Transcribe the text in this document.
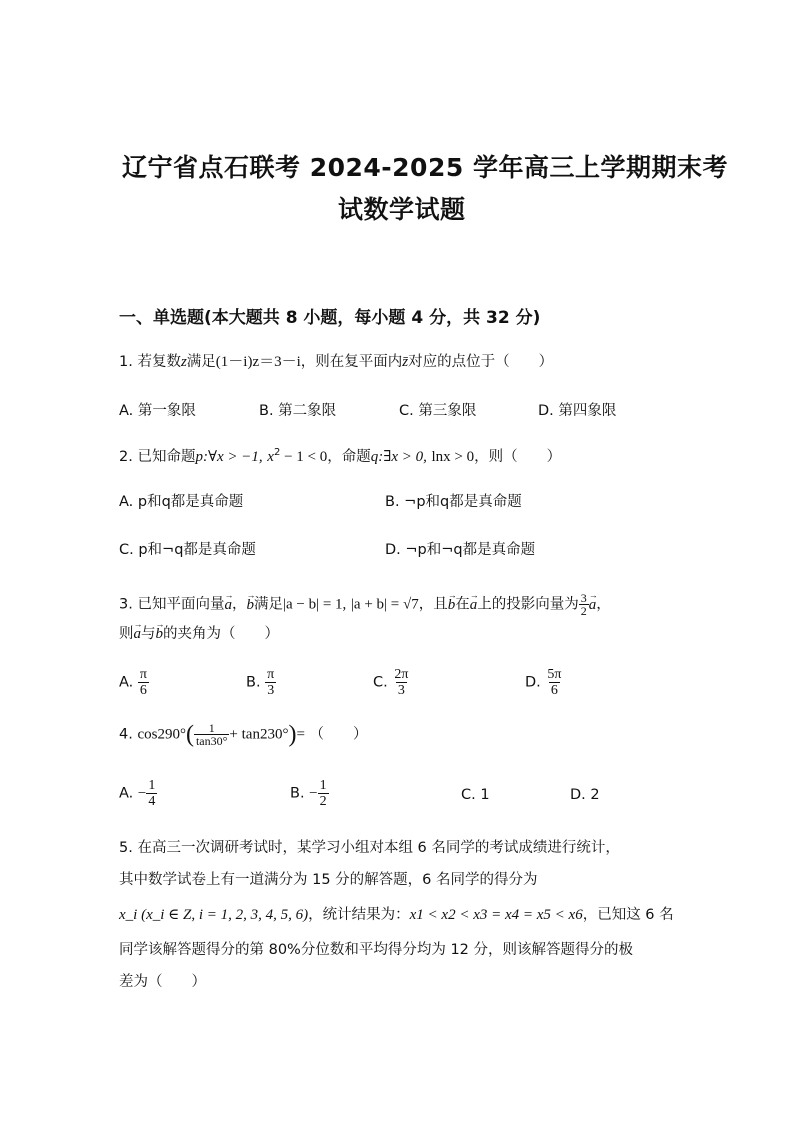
辽宁省点石联考 2024-2025 学年高三上学期期末考
试数学试题
一、单选题(本大题共 8 小题，每小题 4 分，共 32 分)
1. 若复数z满足(1－i)z＝3－i，则在复平面内z̄对应的点位于（　　）
A. 第一象限	B. 第二象限	C. 第三象限	D. 第四象限
2. 已知命题p:∀x > −1, $x^2 - 1 < 0$，命题q:∃x > 0, lnx > 0，则（　　）
A. p和q都是真命题	B. ¬p和q都是真命题
C. p和¬q都是真命题	D. ¬p和¬q都是真命题
3. 已知平面向量→ a，→ b满足|a − b| = 1, |a + b| = √7，且→ b在→ a上的投影向量为 $\frac{3}{2}$
→ a，
则→ a与→ b的夹角为（　　）
A. $\frac{\pi}{6}$	B. $\frac{\pi}{3}$	C. $\frac{2\pi}{3}$	D. $\frac{5\pi}{6}$
4. $\cos 290^\circ( \frac{1}{\tan 30^\circ} + \tan 230^\circ)=$ （　　）
A. − $\frac{1}{4}$	B. − $\frac{1}{2}$	C. 1	D. 2
5. 在高三一次调研考试时，某学习小组对本组 6 名同学的考试成绩进行统计，
其中数学试卷上有一道满分为 15 分的解答题，6 名同学的得分为
x_i (x_i ∈ Z, i = 1, 2, 3, 4, 5, 6)，统计结果为：x1 < x2 < x3 = x4 = x5 < x6，已知这 6 名
同学该解答题得分的第 80%分位数和平均得分均为 12 分，则该解答题得分的极
差为（　　）
